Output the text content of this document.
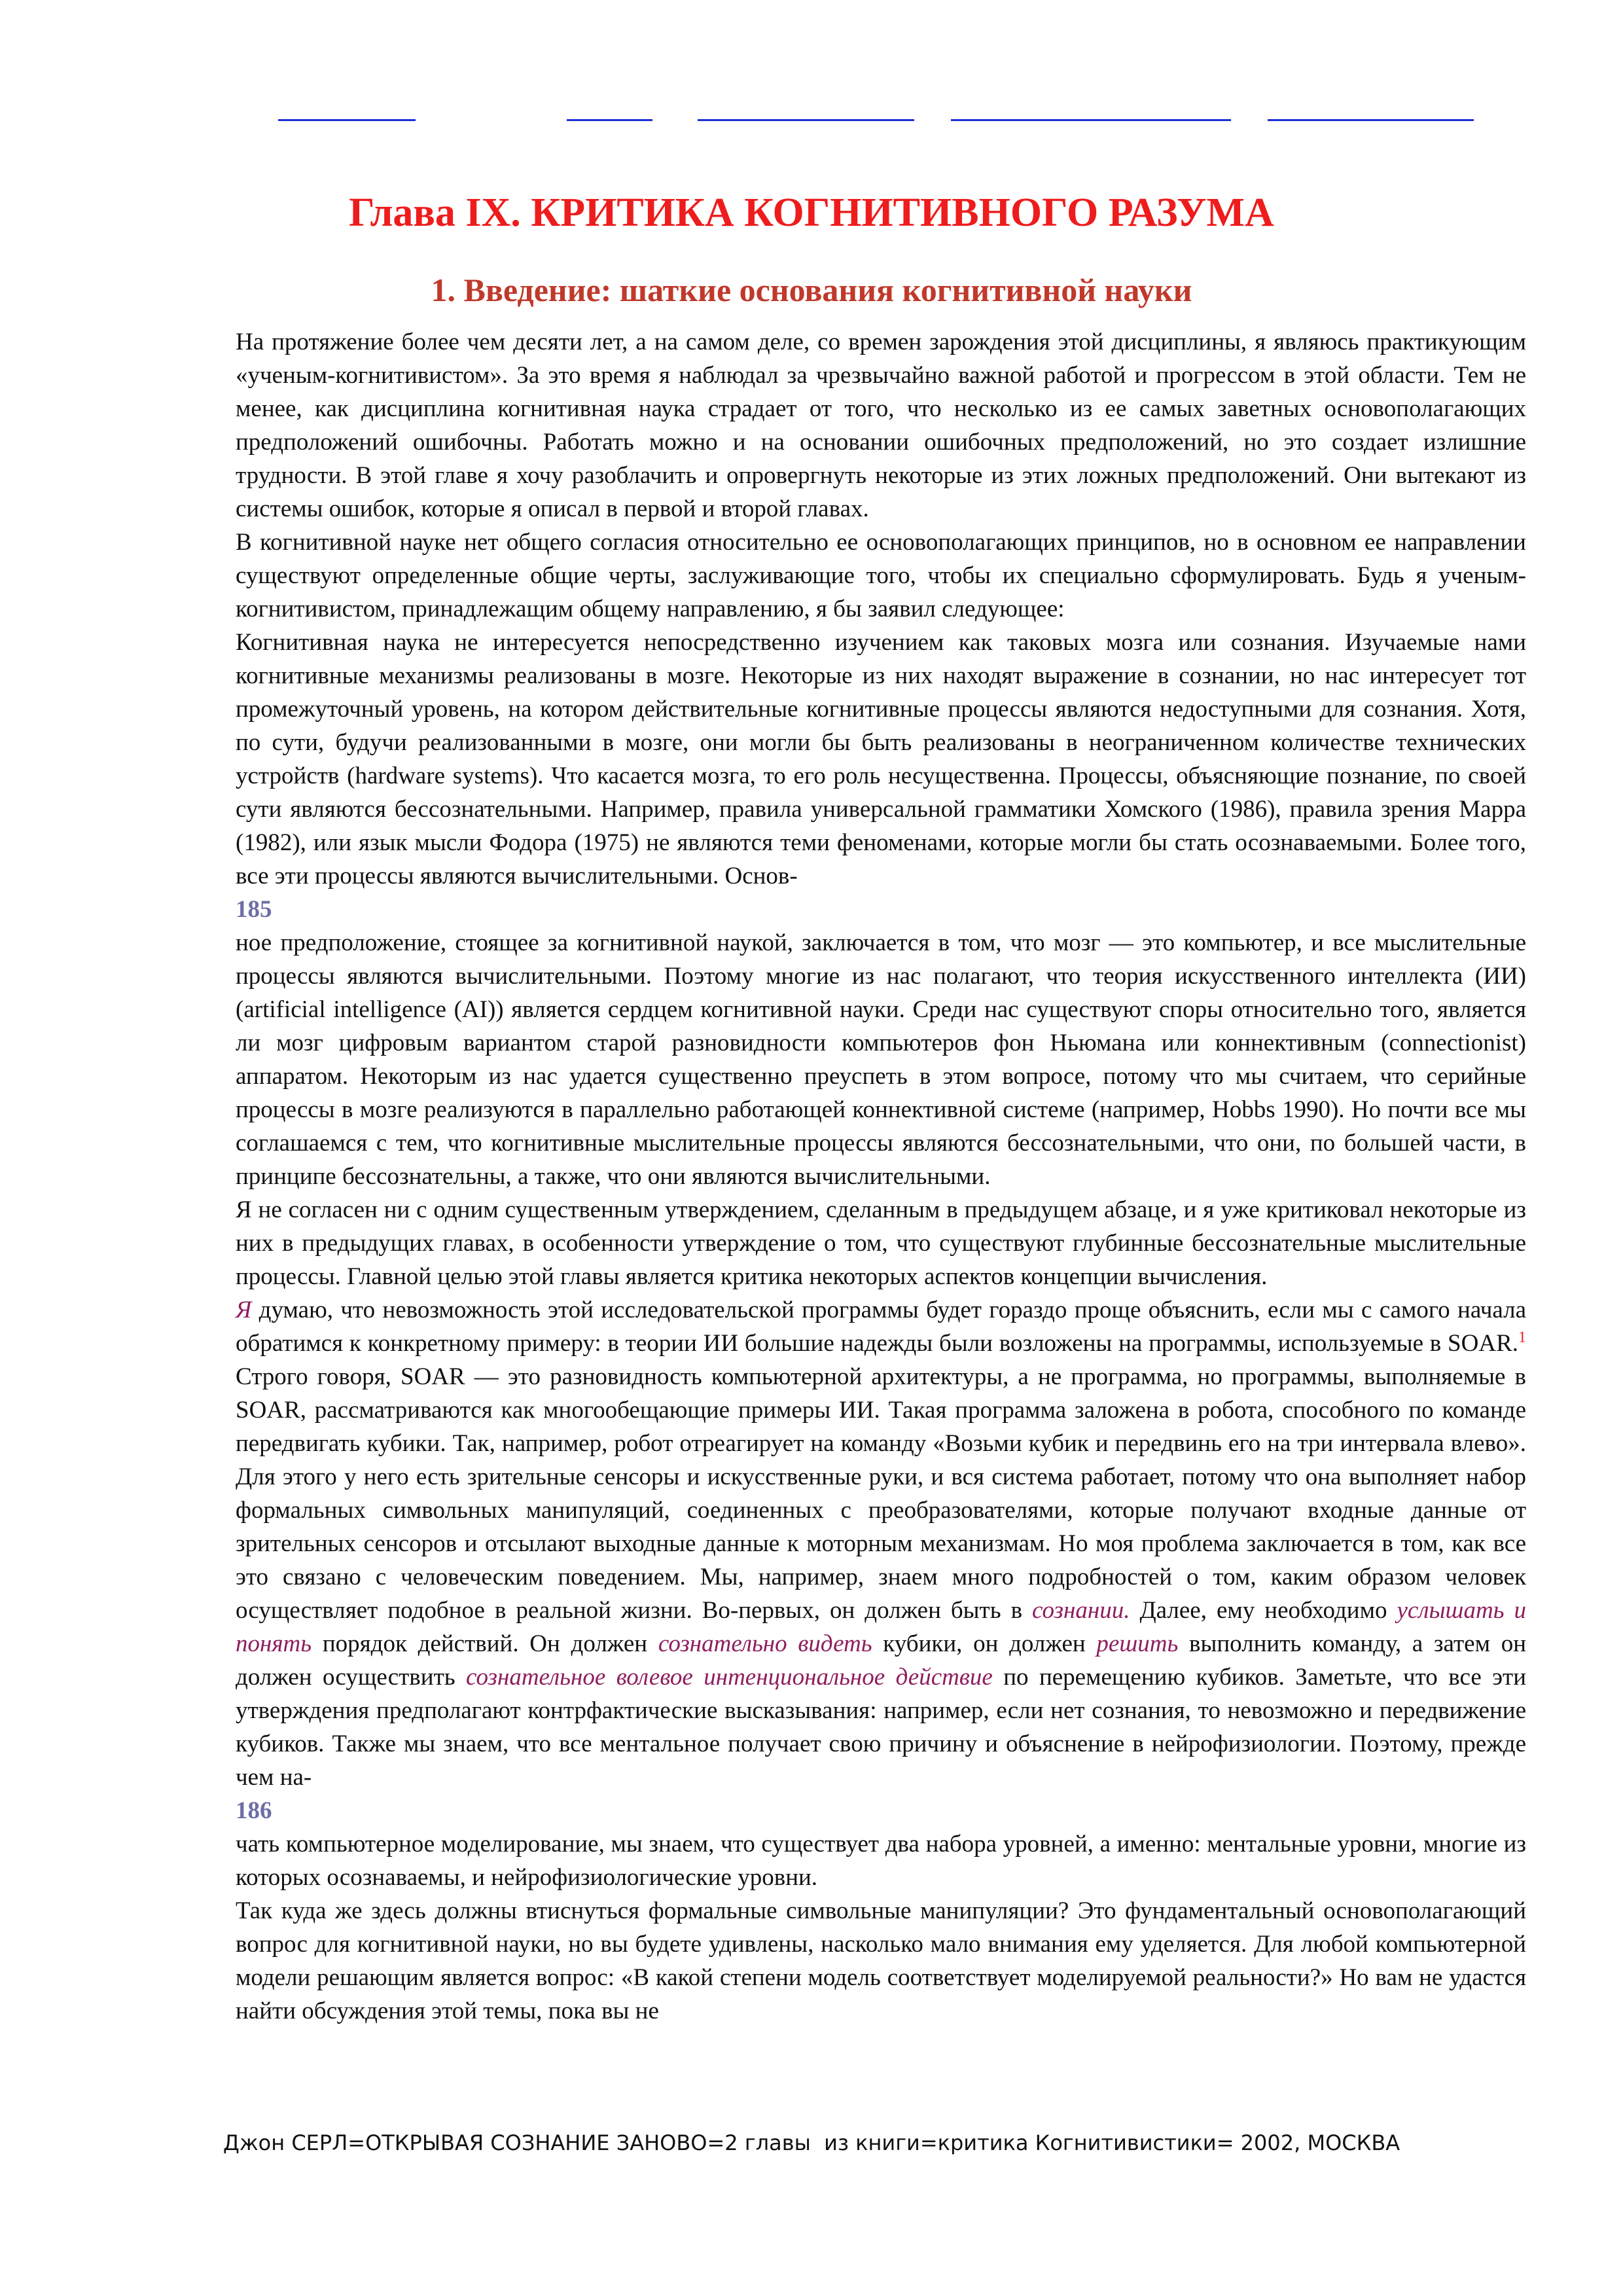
Глава IX. КРИТИКА КОГНИТИВНОГО РАЗУМА
1. Введение: шаткие основания когнитивной науки

На протяжение более чем десяти лет, а на самом деле, со времен зарождения этой дисциплины, я являюсь практикующим «ученым-когнитивистом». За это время я наблюдал за чрезвычайно важной работой и прогрессом в этой области. Тем не менее, как дисциплина когнитивная наука страдает от того, что несколько из ее самых заветных основополагающих предположений ошибочны. Работать можно и на основании ошибочных предположений, но это создает излишние трудности. В этой главе я хочу разоблачить и опровергнуть некоторые из этих ложных предположений. Они вытекают из системы ошибок, которые я описал в первой и второй главах.

В когнитивной науке нет общего согласия относительно ее основополагающих принципов, но в основном ее направлении существуют определенные общие черты, заслуживающие того, чтобы их специально сформулировать. Будь я ученым-когнитивистом, принадлежащим общему направлению, я бы заявил следующее:

Когнитивная наука не интересуется непосредственно изучением как таковых мозга или сознания. Изучаемые нами когнитивные механизмы реализованы в мозге. Некоторые из них находят выражение в сознании, но нас интересует тот промежуточный уровень, на котором действительные когнитивные процессы являются недоступными для сознания. Хотя, по сути, будучи реализованными в мозге, они могли бы быть реализованы в неограниченном количестве технических устройств (hardware systems). Что касается мозга, то его роль несущественна. Процессы, объясняющие познание, по своей сути являются бессознательными. Например, правила универсальной грамматики Хомского (1986), правила зрения Марра (1982), или язык мысли Фодора (1975) не являются теми феноменами, которые могли бы стать осознаваемыми. Более того, все эти процессы являются вычислительными. Основ-

185

ное предположение, стоящее за когнитивной наукой, заключается в том, что мозг — это компьютер, и все мыслительные процессы являются вычислительными. Поэтому многие из нас полагают, что теория искусственного интеллекта (ИИ) (artificial intelligence (AI)) является сердцем когнитивной науки. Среди нас существуют споры относительно того, является ли мозг цифровым вариантом старой разновидности компьютеров фон Ньюмана или коннективным (connectionist) аппаратом. Некоторым из нас удается существенно преуспеть в этом вопросе, потому что мы считаем, что серийные процессы в мозге реализуются в параллельно работающей коннективной системе (например, Hobbs 1990). Но почти все мы соглашаемся с тем, что когнитивные мыслительные процессы являются бессознательными, что они, по большей части, в принципе бессознательны, а также, что они являются вычислительными.

Я не согласен ни с одним существенным утверждением, сделанным в предыдущем абзаце, и я уже критиковал некоторые из них в предыдущих главах, в особенности утверждение о том, что существуют глубинные бессознательные мыслительные процессы. Главной целью этой главы является критика некоторых аспектов концепции вычисления.

Я думаю, что невозможность этой исследовательской программы будет гораздо проще объяснить, если мы с самого начала обратимся к конкретному примеру: в теории ИИ большие надежды были возложены на программы, используемые в SOAR.$^1$ Строго говоря, SOAR — это разновидность компьютерной архитектуры, а не программа, но программы, выполняемые в SOAR, рассматриваются как многообещающие примеры ИИ. Такая программа заложена в робота, способного по команде передвигать кубики. Так, например, робот отреагирует на команду «Возьми кубик и передвинь его на три интервала влево». Для этого у него есть зрительные сенсоры и искусственные руки, и вся система работает, потому что она выполняет набор формальных символьных манипуляций, соединенных с преобразователями, которые получают входные данные от зрительных сенсоров и отсылают выходные данные к моторным механизмам. Но моя проблема заключается в том, как все это связано с человеческим поведением. Мы, например, знаем много подробностей о том, каким образом человек осуществляет подобное в реальной жизни. Во-первых, он должен быть в сознании. Далее, ему необходимо услышать и понять порядок действий. Он должен сознательно видеть кубики, он должен решить выполнить команду, а затем он должен осуществить сознательное волевое интенциональное действие по перемещению кубиков. Заметьте, что все эти утверждения предполагают контрфактические высказывания: например, если нет сознания, то невозможно и передвижение кубиков. Также мы знаем, что все ментальное получает свою причину и объяснение в нейрофизиологии. Поэтому, прежде чем на-

186

чать компьютерное моделирование, мы знаем, что существует два набора уровней, а именно: ментальные уровни, многие из которых осознаваемы, и нейрофизиологические уровни.

Так куда же здесь должны втиснуться формальные символьные манипуляции? Это фундаментальный основополагающий вопрос для когнитивной науки, но вы будете удивлены, насколько мало внимания ему уделяется. Для любой компьютерной модели решающим является вопрос: «В какой степени модель соответствует моделируемой реальности?» Но вам не удастся найти обсуждения этой темы, пока вы не

Джон СЕРЛ=ОТКРЫВАЯ СОЗНАНИЕ ЗАНОВО=2 главы  из книги=критика Когнитивистики= 2002, МОСКВА
